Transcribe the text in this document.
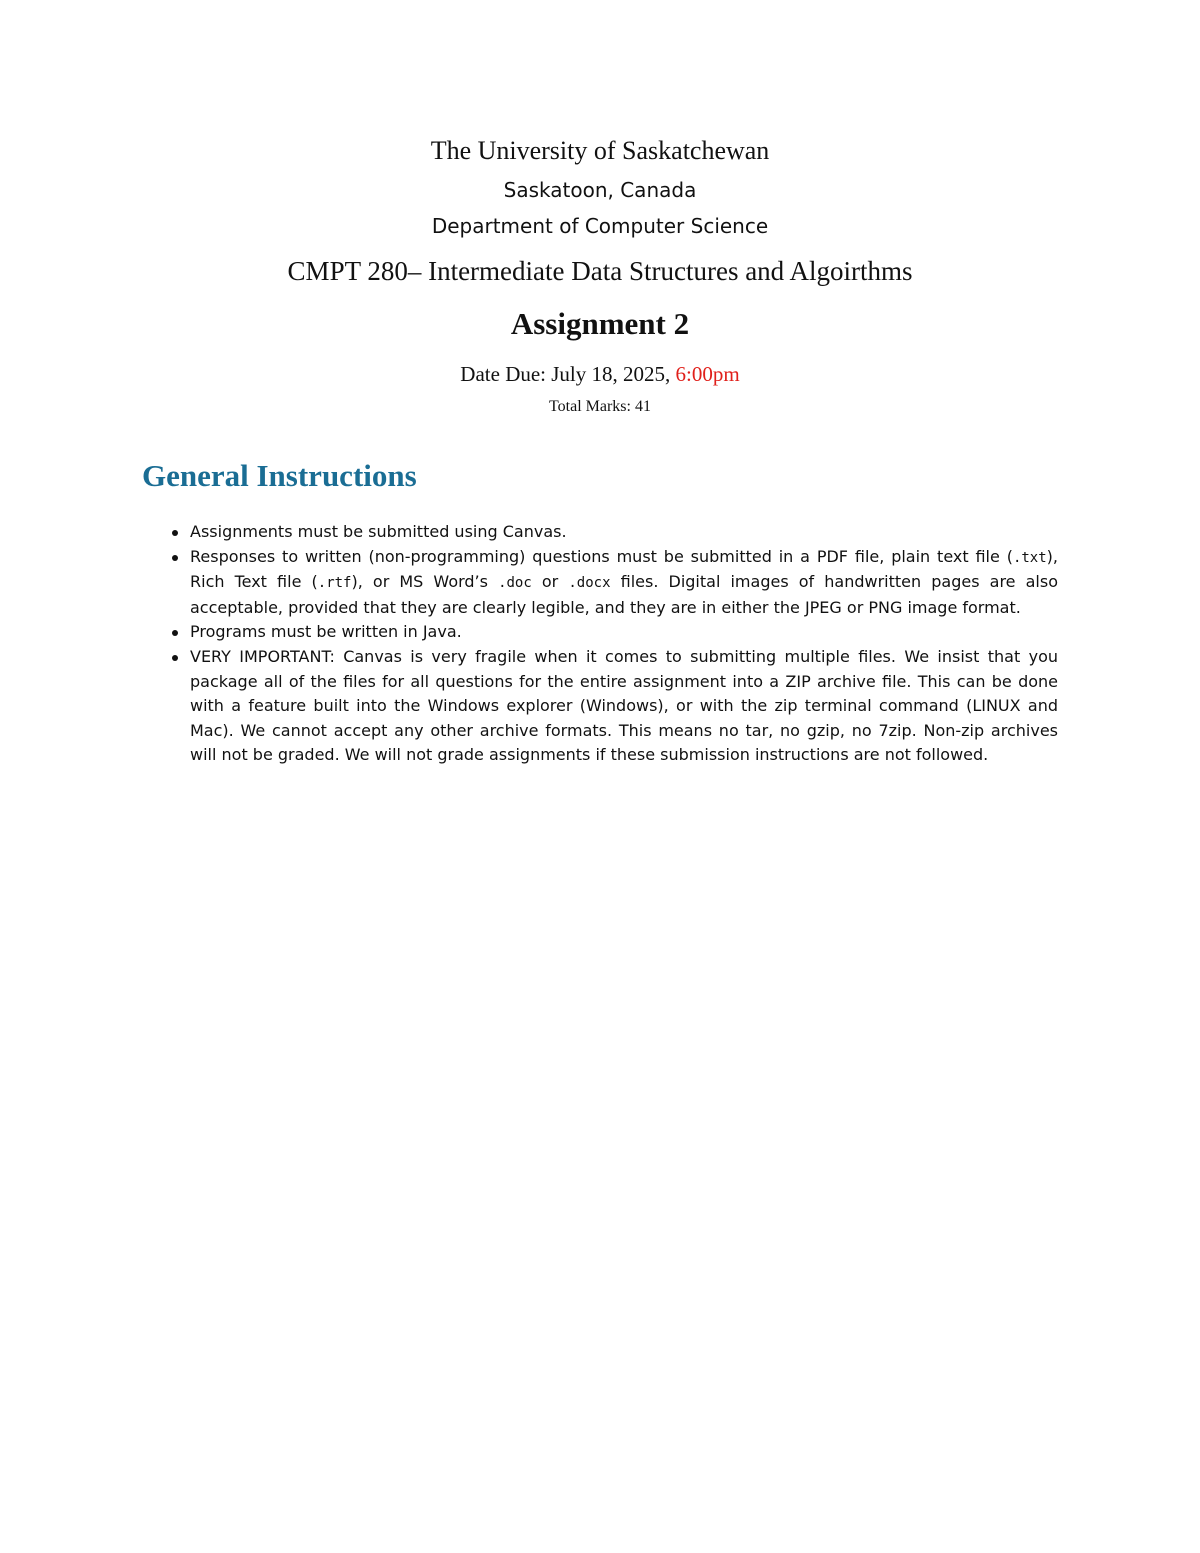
The University of Saskatchewan
Saskatoon, Canada
Department of Computer Science
CMPT 280– Intermediate Data Structures and Algoirthms
Assignment 2
Date Due: July 18, 2025, 6:00pm
Total Marks: 41
General Instructions
Assignments must be submitted using Canvas.
Responses to written (non-programming) questions must be submitted in a PDF file, plain text file (.txt), Rich Text file (.rtf), or MS Word’s .doc or .docx files. Digital images of handwritten pages are also acceptable, provided that they are clearly legible, and they are in either the JPEG or PNG image format.
Programs must be written in Java.
VERY IMPORTANT: Canvas is very fragile when it comes to submitting multiple files. We insist that you package all of the files for all questions for the entire assignment into a ZIP archive file. This can be done with a feature built into the Windows explorer (Windows), or with the zip terminal command (LINUX and Mac). We cannot accept any other archive formats. This means no tar, no gzip, no 7zip. Non-zip archives will not be graded. We will not grade assignments if these submission instructions are not followed.
